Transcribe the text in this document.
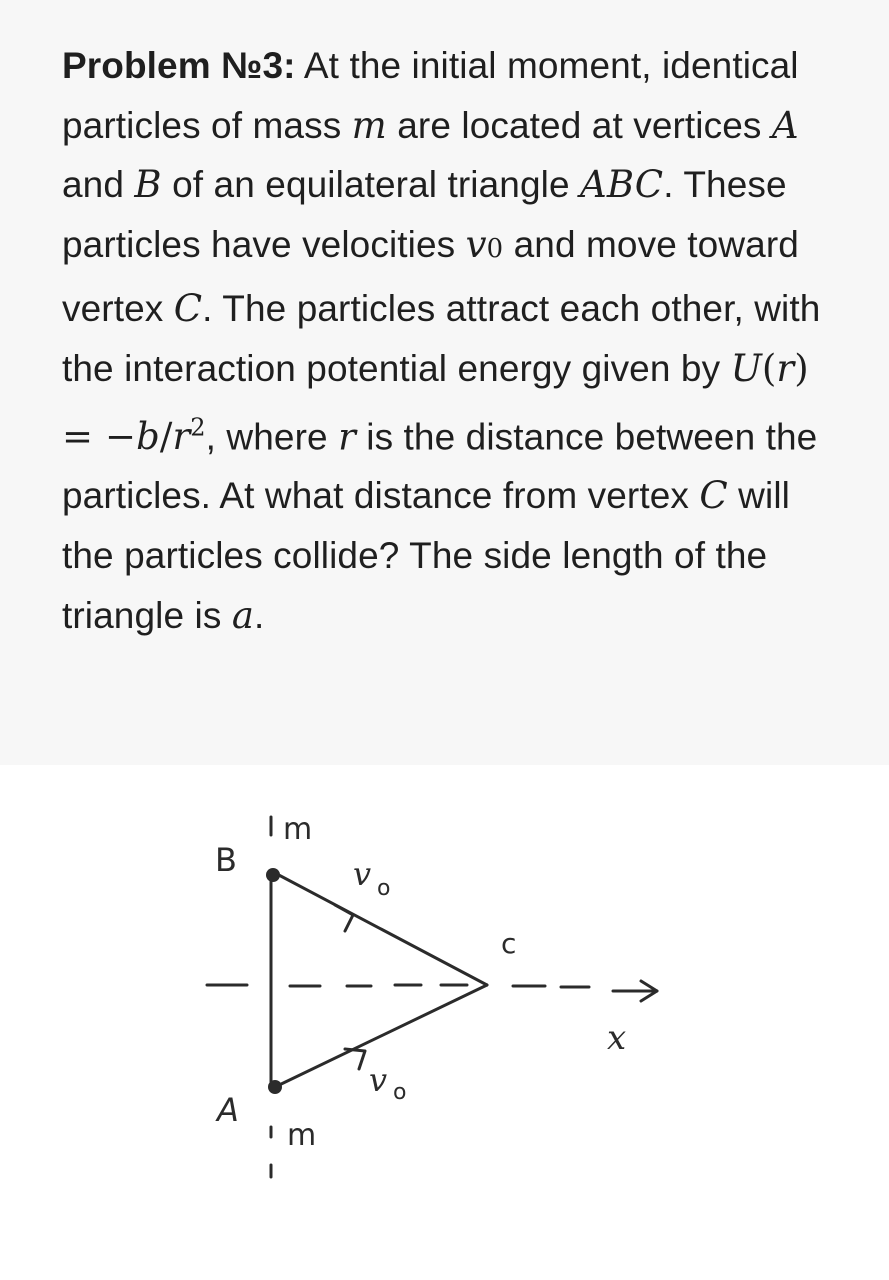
Problem №3: At the initial moment, identical particles of mass m are located at vertices A and B of an equilateral triangle ABC. These particles have velocities v0 and move toward vertex C. The particles attract each other, with the interaction potential energy given by $U(r) = -b/r^2$, where r is the distance between the particles. At what distance from vertex C will the particles collide? The side length of the triangle is a.

B
A
c
m
m
v o
v o
x
